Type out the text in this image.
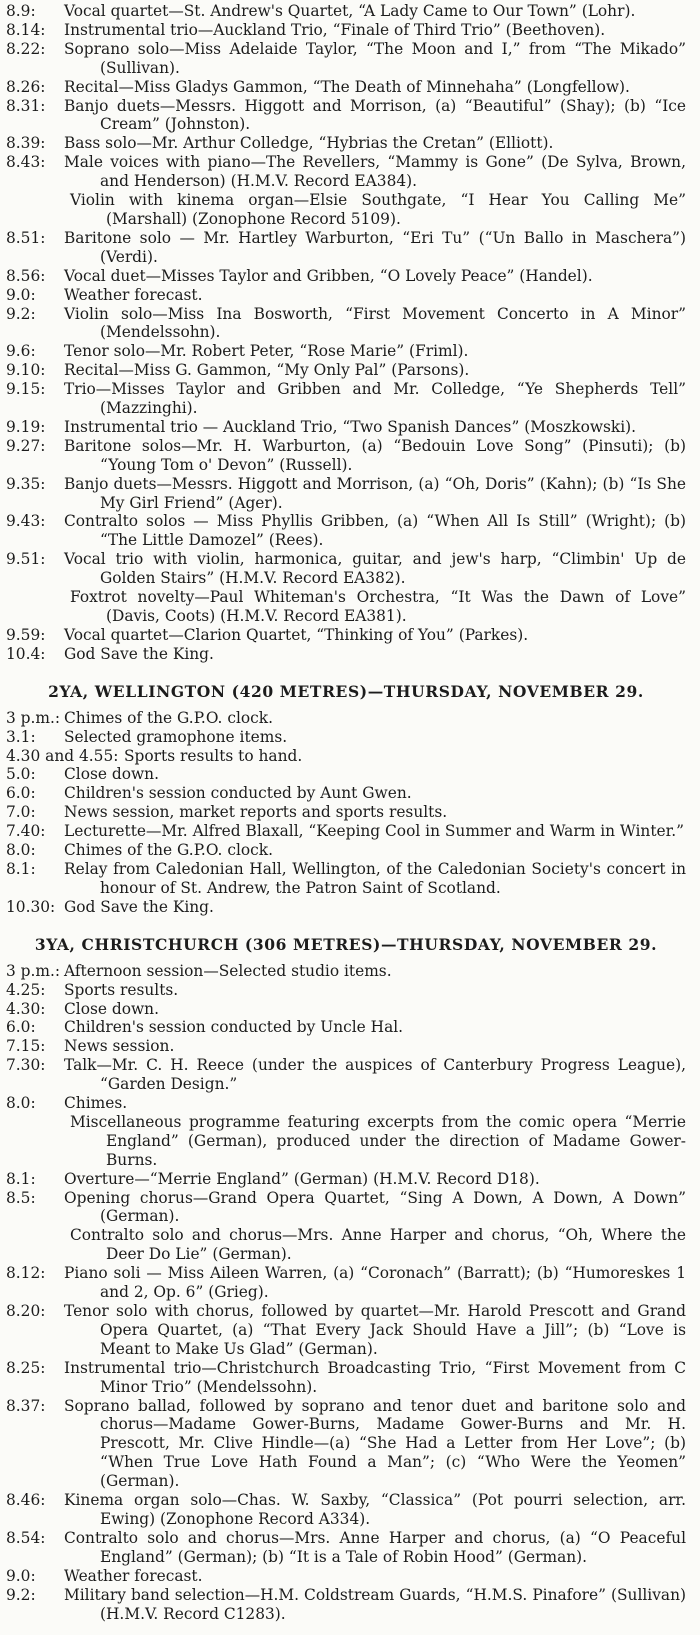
8.9:	Vocal quartet—St. Andrew's Quartet, “A Lady Came to Our Town” (Lohr).
8.14:	Instrumental trio—Auckland Trio, “Finale of Third Trio” (Beethoven).
8.22:	Soprano solo—Miss Adelaide Taylor, “The Moon and I,” from “The Mikado” (Sullivan).
8.26:	Recital—Miss Gladys Gammon, “The Death of Minnehaha” (Longfellow).
8.31:	Banjo duets—Messrs. Higgott and Morrison, (a) “Beautiful” (Shay); (b) “Ice Cream” (Johnston).
8.39:	Bass solo—Mr. Arthur Colledge, “Hybrias the Cretan” (Elliott).
8.43:	Male voices with piano—The Revellers, “Mammy is Gone” (De Sylva, Brown, and Henderson) (H.M.V. Record EA384).
Violin with kinema organ—Elsie Southgate, “I Hear You Calling Me” (Marshall) (Zonophone Record 5109).
8.51:	Baritone solo — Mr. Hartley Warburton, “Eri Tu” (“Un Ballo in Maschera”) (Verdi).
8.56:	Vocal duet—Misses Taylor and Gribben, “O Lovely Peace” (Handel).
9.0:	Weather forecast.
9.2:	Violin solo—Miss Ina Bosworth, “First Movement Concerto in A Minor” (Mendelssohn).
9.6:	Tenor solo—Mr. Robert Peter, “Rose Marie” (Friml).
9.10:	Recital—Miss G. Gammon, “My Only Pal” (Parsons).
9.15:	Trio—Misses Taylor and Gribben and Mr. Colledge, “Ye Shepherds Tell” (Mazzinghi).
9.19:	Instrumental trio — Auckland Trio, “Two Spanish Dances” (Moszkowski).
9.27:	Baritone solos—Mr. H. Warburton, (a) “Bedouin Love Song” (Pinsuti); (b) “Young Tom o' Devon” (Russell).
9.35:	Banjo duets—Messrs. Higgott and Morrison, (a) “Oh, Doris” (Kahn); (b) “Is She My Girl Friend” (Ager).
9.43:	Contralto solos — Miss Phyllis Gribben, (a) “When All Is Still” (Wright); (b) “The Little Damozel” (Rees).
9.51:	Vocal trio with violin, harmonica, guitar, and jew's harp, “Climbin' Up de Golden Stairs” (H.M.V. Record EA382).
Foxtrot novelty—Paul Whiteman's Orchestra, “It Was the Dawn of Love” (Davis, Coots) (H.M.V. Record EA381).
9.59:	Vocal quartet—Clarion Quartet, “Thinking of You” (Parkes).
10.4:	God Save the King.
2YA, WELLINGTON (420 METRES)—THURSDAY, NOVEMBER 29.
3 p.m.: Chimes of the G.P.O. clock.
3.1:	Selected gramophone items.
4.30 and 4.55: Sports results to hand.
5.0:	Close down.
6.0:	Children's session conducted by Aunt Gwen.
7.0:	News session, market reports and sports results.
7.40:	Lecturette—Mr. Alfred Blaxall, “Keeping Cool in Summer and Warm in Winter.”
8.0:	Chimes of the G.P.O. clock.
8.1:	Relay from Caledonian Hall, Wellington, of the Caledonian Society's concert in honour of St. Andrew, the Patron Saint of Scotland.
10.30: God Save the King.
3YA, CHRISTCHURCH (306 METRES)—THURSDAY, NOVEMBER 29.
3 p.m.: Afternoon session—Selected studio items.
4.25:	Sports results.
4.30:	Close down.
6.0:	Children's session conducted by Uncle Hal.
7.15:	News session.
7.30:	Talk—Mr. C. H. Reece (under the auspices of Canterbury Progress League), “Garden Design.”
8.0:	Chimes.
Miscellaneous programme featuring excerpts from the comic opera “Merrie England” (German), produced under the direction of Madame Gower-Burns.
8.1:	Overture—“Merrie England” (German) (H.M.V. Record D18).
8.5:	Opening chorus—Grand Opera Quartet, “Sing A Down, A Down, A Down” (German).
Contralto solo and chorus—Mrs. Anne Harper and chorus, “Oh, Where the Deer Do Lie” (German).
8.12:	Piano soli — Miss Aileen Warren, (a) “Coronach” (Barratt); (b) “Humoreskes 1 and 2, Op. 6” (Grieg).
8.20:	Tenor solo with chorus, followed by quartet—Mr. Harold Prescott and Grand Opera Quartet, (a) “That Every Jack Should Have a Jill”; (b) “Love is Meant to Make Us Glad” (German).
8.25:	Instrumental trio—Christchurch Broadcasting Trio, “First Movement from C Minor Trio” (Mendelssohn).
8.37:	Soprano ballad, followed by soprano and tenor duet and baritone solo and chorus—Madame Gower-Burns, Madame Gower-Burns and Mr. H. Prescott, Mr. Clive Hindle—(a) “She Had a Letter from Her Love”; (b) “When True Love Hath Found a Man”; (c) “Who Were the Yeomen” (German).
8.46:	Kinema organ solo—Chas. W. Saxby, “Classica” (Pot pourri selection, arr. Ewing) (Zonophone Record A334).
8.54:	Contralto solo and chorus—Mrs. Anne Harper and chorus, (a) “O Peaceful England” (German); (b) “It is a Tale of Robin Hood” (German).
9.0:	Weather forecast.
9.2:	Military band selection—H.M. Coldstream Guards, “H.M.S. Pinafore” (Sullivan) (H.M.V. Record C1283).
